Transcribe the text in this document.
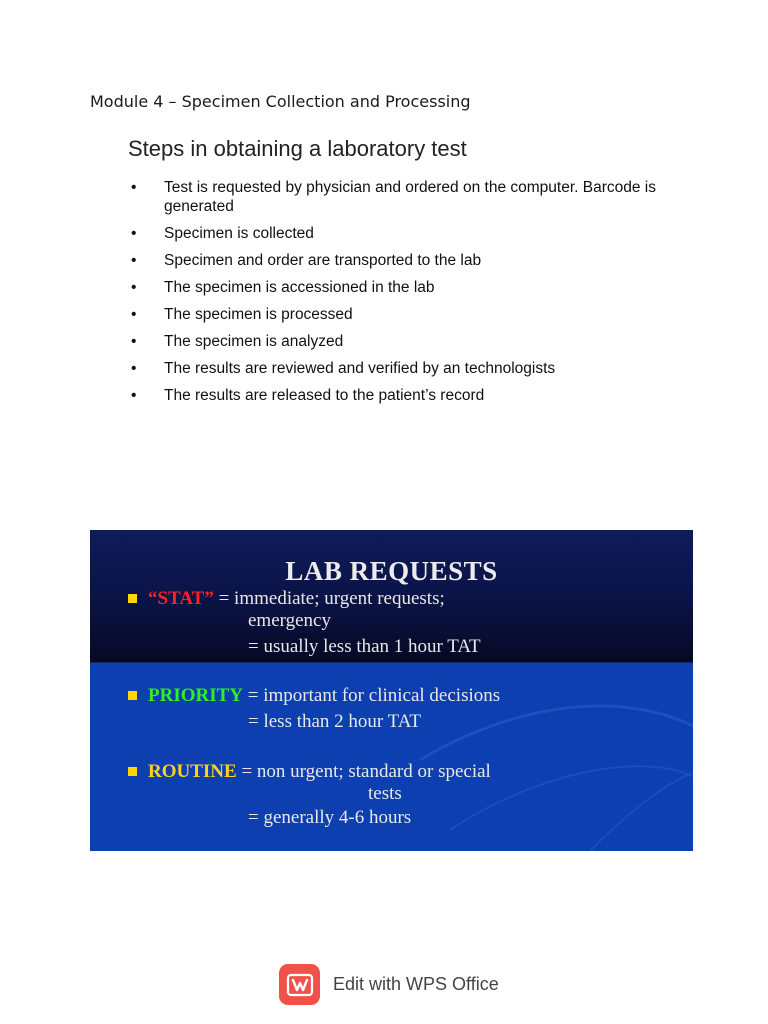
Module 4 – Specimen Collection and Processing
Steps in obtaining a laboratory test
• Test is requested by physician and ordered on the computer. Barcode is generated
• Specimen is collected
• Specimen and order are transported to the lab
• The specimen is accessioned in the lab
• The specimen is processed
• The specimen is analyzed
• The results are reviewed and verified by an technologists
• The results are released to the patient’s record
LAB REQUESTS
“STAT” = immediate; urgent requests;
emergency
= usually less than 1 hour TAT
PRIORITY = important for clinical decisions
= less than 2 hour TAT
ROUTINE = non urgent; standard or special
tests
= generally 4-6 hours
Edit with WPS Office
